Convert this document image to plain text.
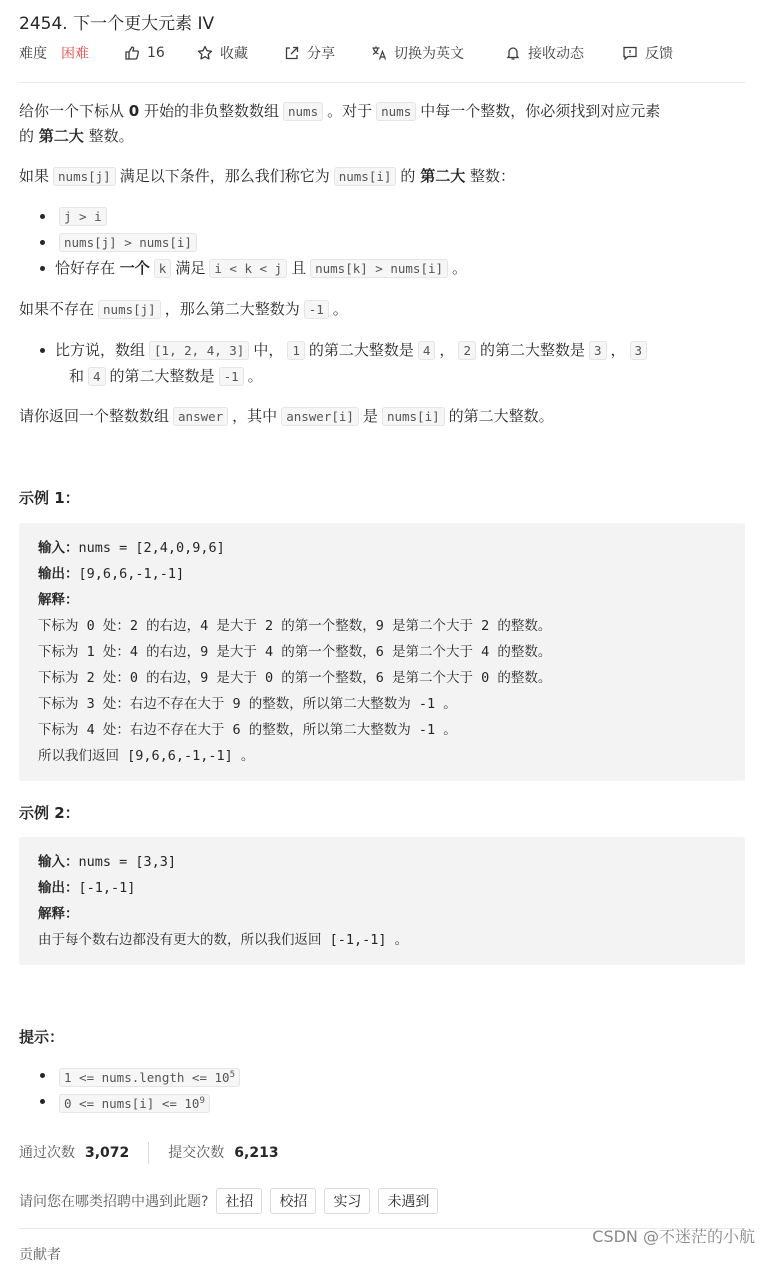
2454. 下一个更大元素 IV
难度 困难	16	收藏	分享	切换为英文	接收动态	反馈
给你一个下标从 0 开始的非负整数数组 nums 。对于 nums 中每一个整数，你必须找到对应元素
的 第二大 整数。
如果 nums[j] 满足以下条件，那么我们称它为 nums[i] 的 第二大 整数：
j > i
nums[j] > nums[i]
恰好存在 一个 k 满足 i < k < j 且 nums[k] > nums[i] 。
如果不存在 nums[j] ，那么第二大整数为 -1 。
比方说，数组 [1, 2, 4, 3] 中， 1 的第二大整数是 4 ， 2 的第二大整数是 3 ， 3
和 4 的第二大整数是 -1 。
请你返回一个整数数组 answer ，其中 answer[i] 是 nums[i] 的第二大整数。
示例 1：
输入：nums = [2,4,0,9,6]
输出：[9,6,6,-1,-1]
解释：
下标为 0 处：2 的右边，4 是大于 2 的第一个整数，9 是第二个大于 2 的整数。
下标为 1 处：4 的右边，9 是大于 4 的第一个整数，6 是第二个大于 4 的整数。
下标为 2 处：0 的右边，9 是大于 0 的第一个整数，6 是第二个大于 0 的整数。
下标为 3 处：右边不存在大于 9 的整数，所以第二大整数为 -1 。
下标为 4 处：右边不存在大于 6 的整数，所以第二大整数为 -1 。
所以我们返回 [9,6,6,-1,-1] 。
示例 2：
输入：nums = [3,3]
输出：[-1,-1]
解释：
由于每个数右边都没有更大的数，所以我们返回 [-1,-1] 。
提示：
1 <= nums.length <= $10^5$
0 <= nums[i] <= $10^9$
通过次数 3,072	提交次数 6,213
请问您在哪类招聘中遇到此题?	社招	校招	实习	未遇到
贡献者
CSDN @不迷茫的小航
